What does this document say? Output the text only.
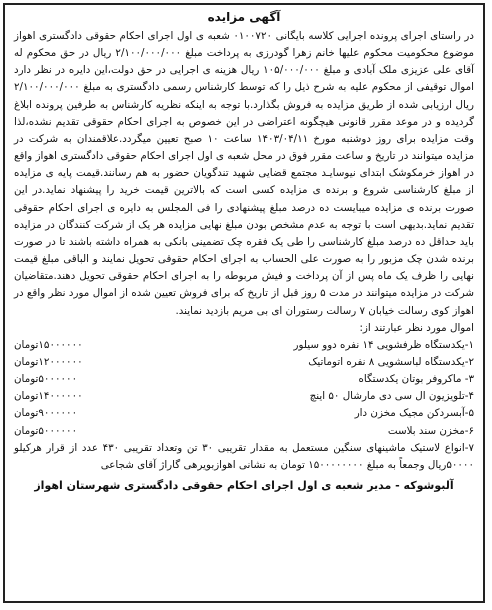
آگهی مزایده

در راستای اجرای پرونده اجرایی کلاسه بایگانی ۰۱۰۰۷۲۰ شعبه ی اول اجرای احکام حقوقی دادگستری اهواز موضوع محکومیت محکوم‌ علیها خانم زهرا گودرزی به پرداخت مبلغ ۲/۱۰۰/۰۰۰/۰۰۰ ریال در حق محکوم‌ له آقای علی عزیزی ملک آبادی و مبلغ ۱۰۵/۰۰۰/۰۰۰ ریال هزینه ی اجرایی در حق دولت،این دایره در نظر دارد اموال توقیفی از محکوم‌ علیه به شرح ذیل را که توسط کارشناس رسمی دادگستری به مبلغ ۲/۱۰۰/۰۰۰/۰۰۰ ریال ارزیابی شده از طریق مزایده به فروش بگذارد.با توجه به اینکه نظریه کارشناس به طرفین پرونده ابلاغ گردیده و در موعد مقرر قانونی هیچگونه اعتراضی در این خصوص به اجرای احکام حقوقی تقدیم نشده،لذا وقت مزایده برای روز دوشنبه مورخ ۱۴۰۳/۰۴/۱۱ ساعت ۱۰ صبح تعیین میگردد.علاقمندان به شرکت در مزایده میتوانند در تاریخ و ساعت مقرر فوق در محل شعبه ی اول اجرای احکام حقوقی دادگستری اهواز واقع در اهواز خرمکوشک ابتدای نیوسایـد مجتمع قضایی شهید تندگویان حضور به هم رسانند.قیمت پایه ی مزایده از مبلغ کارشناسی شروع و برنده ی مزایده کسی است که بالاترین قیمت خرید را پیشنهاد نماید.در این صورت برنده ی مزایده میبایست ده درصد مبلغ پیشنهادی را فی المجلس به دایره ی اجرای احکام حقوقی تقدیم نماید.بدیهی است با توجه به عدم مشخص بودن مبلغ نهایی مزایده هر یک از شرکت کنندگان در مزایده باید حداقل ده درصد مبلغ کارشناسی را طی یک فقره چک تضمینی بانکی به همراه داشته باشند تا در صورت برنده شدن چک مزبور را به صورت علی الحساب به اجرای احکام حقوقی تحویل نمایند و الباقی مبلغ قیمت نهایی را ظرف یک ماه پس از آن پرداخت و فیش مربوطه را به اجرای احکام حقوقی تحویل دهند.متقاضیان شرکت در مزایده میتوانند در مدت ۵ روز قبل از تاریخ که برای فروش تعیین شده از اموال مورد نظر واقع در اهواز کوی رسالت خیابان ۷ رسالت رستوران ای بی مریم بازدید نمایند.

اموال مورد نظر عبارتند از:

۱-یکدستگاه ظرفشویی ۱۴ نفره دوو سیلور
۱۵۰۰۰۰۰۰تومان
۲-یکدستگاه لباسشویی ۸ نفره اتوماتیک
۱۲۰۰۰۰۰۰تومان
۳- ماکروفر بوتان یکدستگاه
۵۰۰۰۰۰۰تومان
۴-تلویزیون ال سی دی مارشال ۵۰ اینچ
۱۴۰۰۰۰۰۰تومان
۵-آبسردکن مجیک مخزن دار
۹۰۰۰۰۰۰تومان
۶-مخزن سند بلاست
۵۰۰۰۰۰۰تومان

۷-انواع لاستیک ماشینهای سنگین مستعمل به مقدار تقریبی ۳۰ تن وتعداد تقریبی ۴۳۰ عدد از قرار هرکیلو ۵۰۰۰۰ریال وجمعاً به مبلغ ۱۵۰۰۰۰۰۰۰۰ تومان به نشانی اهوازبویرهی گاراژ آقای شجاعی

آلبوشوکه - مدیر شعبه ی اول اجرای احکام حقوقی دادگستری شهرستان اهواز
